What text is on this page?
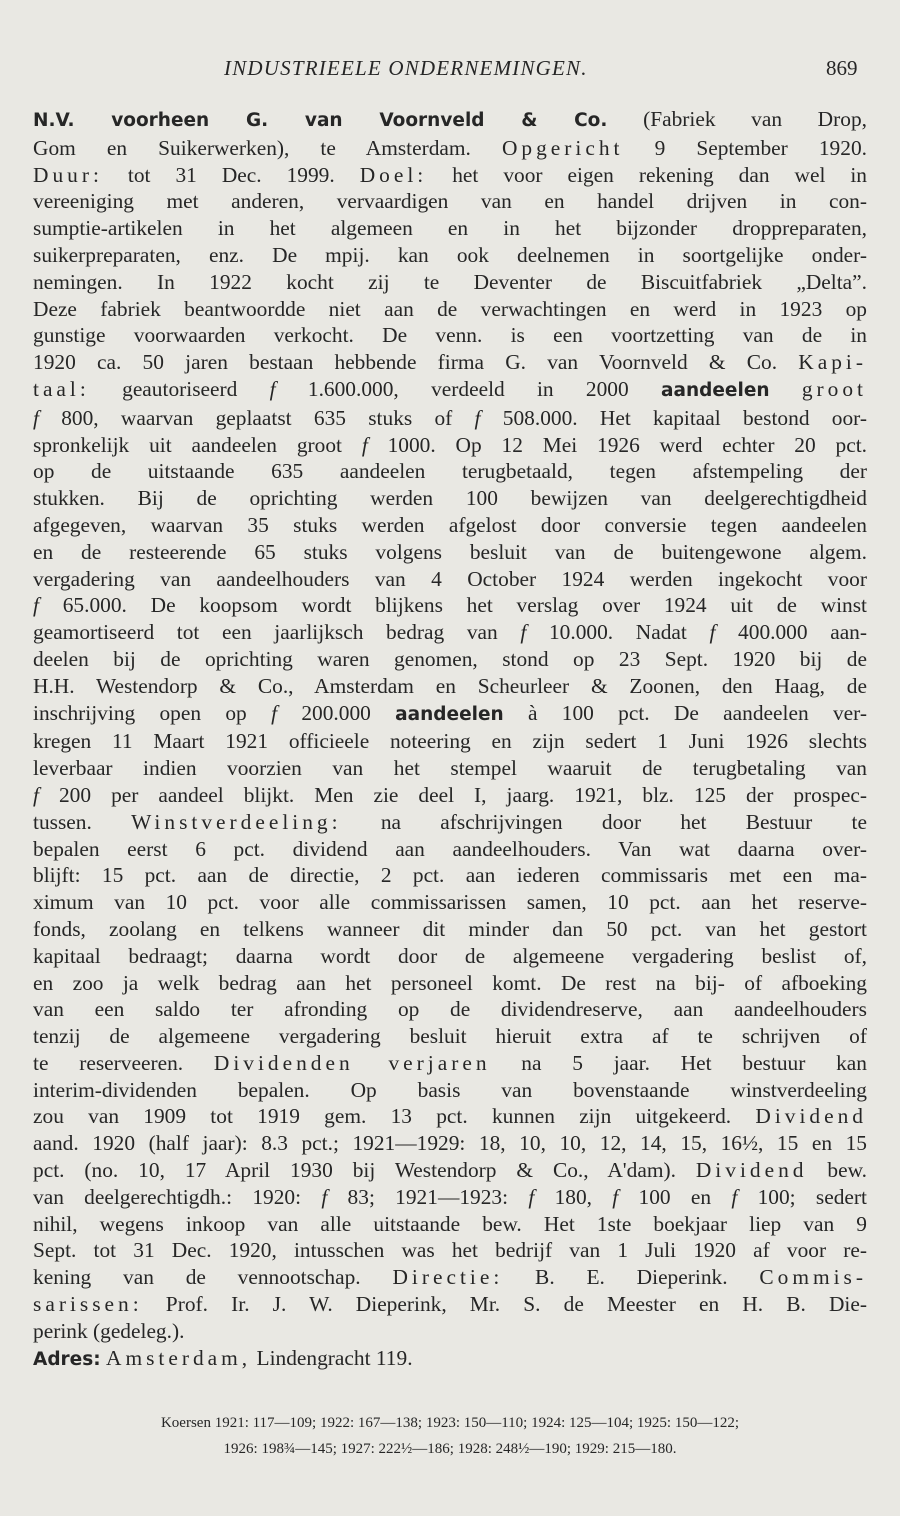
INDUSTRIEELE ONDERNEMINGEN.	869
N.V. voorheen G. van Voornveld & Co. (Fabriek van Drop,
Gom en Suikerwerken), te Amsterdam. Opgericht 9 September 1920.
Duur: tot 31 Dec. 1999. Doel: het voor eigen rekening dan wel in
vereeniging met anderen, vervaardigen van en handel drijven in con-
sumptie-artikelen in het algemeen en in het bijzonder droppreparaten,
suikerpreparaten, enz. De mpij. kan ook deelnemen in soortgelijke onder-
nemingen. In 1922 kocht zij te Deventer de Biscuitfabriek „Delta”.
Deze fabriek beantwoordde niet aan de verwachtingen en werd in 1923 op
gunstige voorwaarden verkocht. De venn. is een voortzetting van de in
1920 ca. 50 jaren bestaan hebbende firma G. van Voornveld & Co. Kapi-
taal: geautoriseerd f 1.600.000, verdeeld in 2000 aandeelen groot
f 800, waarvan geplaatst 635 stuks of f 508.000. Het kapitaal bestond oor-
spronkelijk uit aandeelen groot f 1000. Op 12 Mei 1926 werd echter 20 pct.
op de uitstaande 635 aandeelen terugbetaald, tegen afstempeling der
stukken. Bij de oprichting werden 100 bewijzen van deelgerechtigdheid
afgegeven, waarvan 35 stuks werden afgelost door conversie tegen aandeelen
en de resteerende 65 stuks volgens besluit van de buitengewone algem.
vergadering van aandeelhouders van 4 October 1924 werden ingekocht voor
f 65.000. De koopsom wordt blijkens het verslag over 1924 uit de winst
geamortiseerd tot een jaarlijksch bedrag van f 10.000. Nadat f 400.000 aan-
deelen bij de oprichting waren genomen, stond op 23 Sept. 1920 bij de
H.H. Westendorp & Co., Amsterdam en Scheurleer & Zoonen, den Haag, de
inschrijving open op f 200.000 aandeelen à 100 pct. De aandeelen ver-
kregen 11 Maart 1921 officieele noteering en zijn sedert 1 Juni 1926 slechts
leverbaar indien voorzien van het stempel waaruit de terugbetaling van
f 200 per aandeel blijkt. Men zie deel I, jaarg. 1921, blz. 125 der prospec-
tussen. Winstverdeeling: na afschrijvingen door het Bestuur te
bepalen eerst 6 pct. dividend aan aandeelhouders. Van wat daarna over-
blijft: 15 pct. aan de directie, 2 pct. aan iederen commissaris met een ma-
ximum van 10 pct. voor alle commissarissen samen, 10 pct. aan het reserve-
fonds, zoolang en telkens wanneer dit minder dan 50 pct. van het gestort
kapitaal bedraagt; daarna wordt door de algemeene vergadering beslist of,
en zoo ja welk bedrag aan het personeel komt. De rest na bij- of afboeking
van een saldo ter afronding op de dividendreserve, aan aandeelhouders
tenzij de algemeene vergadering besluit hieruit extra af te schrijven of
te reserveeren. Dividenden verjaren na 5 jaar. Het bestuur kan
interim-dividenden bepalen. Op basis van bovenstaande winstverdeeling
zou van 1909 tot 1919 gem. 13 pct. kunnen zijn uitgekeerd. Dividend
aand. 1920 (half jaar): 8.3 pct.; 1921—1929: 18, 10, 10, 12, 14, 15, 16½, 15 en 15
pct. (no. 10, 17 April 1930 bij Westendorp & Co., A'dam). Dividend bew.
van deelgerechtigdh.: 1920: f 83; 1921—1923: f 180, f 100 en f 100; sedert
nihil, wegens inkoop van alle uitstaande bew. Het 1ste boekjaar liep van 9
Sept. tot 31 Dec. 1920, intusschen was het bedrijf van 1 Juli 1920 af voor re-
kening van de vennootschap. Directie: B. E. Dieperink. Commis-
sarissen: Prof. Ir. J. W. Dieperink, Mr. S. de Meester en H. B. Die-
perink (gedeleg.).
Adres: Amsterdam, Lindengracht 119.
Koersen 1921: 117—109; 1922: 167—138; 1923: 150—110; 1924: 125—104; 1925: 150—122;
1926: 198¾—145; 1927: 222½—186; 1928: 248½—190; 1929: 215—180.
